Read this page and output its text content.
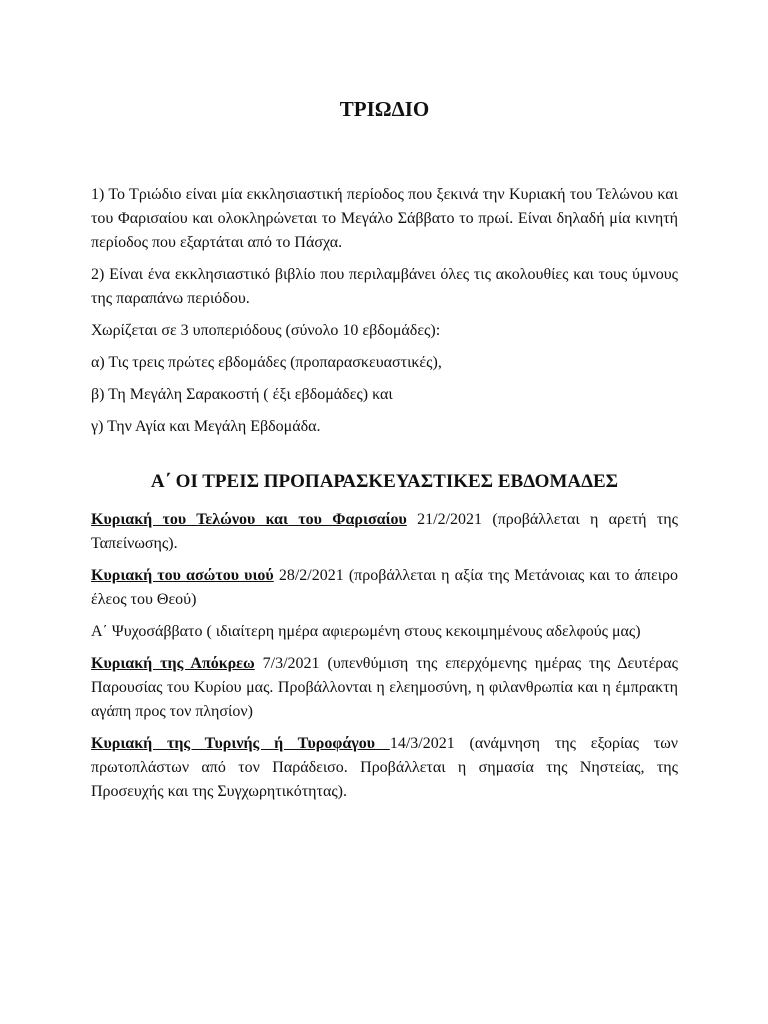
ΤΡΙΩΔΙΟ

1) Το Τριώδιο είναι μία εκκλησιαστική περίοδος που ξεκινά την Κυριακή του Τελώνου και του Φαρισαίου και ολοκληρώνεται το Μεγάλο Σάββατο το πρωί. Είναι δηλαδή μία κινητή περίοδος που εξαρτάται από το Πάσχα.

2) Είναι ένα εκκλησιαστικό βιβλίο που περιλαμβάνει όλες τις ακολουθίες και τους ύμνους της παραπάνω περιόδου.

Χωρίζεται σε 3 υποπεριόδους (σύνολο 10 εβδομάδες):

α) Τις τρεις πρώτες εβδομάδες (προπαρασκευαστικές),

β) Τη Μεγάλη Σαρακοστή ( έξι εβδομάδες) και

γ) Την Αγία και Μεγάλη Εβδομάδα.

Α΄ ΟΙ ΤΡΕΙΣ ΠΡΟΠΑΡΑΣΚΕΥΑΣΤΙΚΕΣ ΕΒΔΟΜΑΔΕΣ

Κυριακή του Τελώνου και του Φαρισαίου 21/2/2021 (προβάλλεται η αρετή της Ταπείνωσης).

Κυριακή του ασώτου υιού 28/2/2021 (προβάλλεται η αξία της Μετάνοιας και το άπειρο έλεος του Θεού)

Α΄ Ψυχοσάββατο ( ιδιαίτερη ημέρα αφιερωμένη στους κεκοιμημένους αδελφούς μας)

Κυριακή της Απόκρεω 7/3/2021 (υπενθύμιση της επερχόμενης ημέρας της Δευτέρας Παρουσίας του Κυρίου μας. Προβάλλονται η ελεημοσύνη, η φιλανθρωπία και η έμπρακτη αγάπη προς τον πλησίον)

Κυριακή της Τυρινής ή Τυροφάγου 14/3/2021 (ανάμνηση της εξορίας των πρωτοπλάστων από τον Παράδεισο. Προβάλλεται η σημασία της Νηστείας, της Προσευχής και της Συγχωρητικότητας).
